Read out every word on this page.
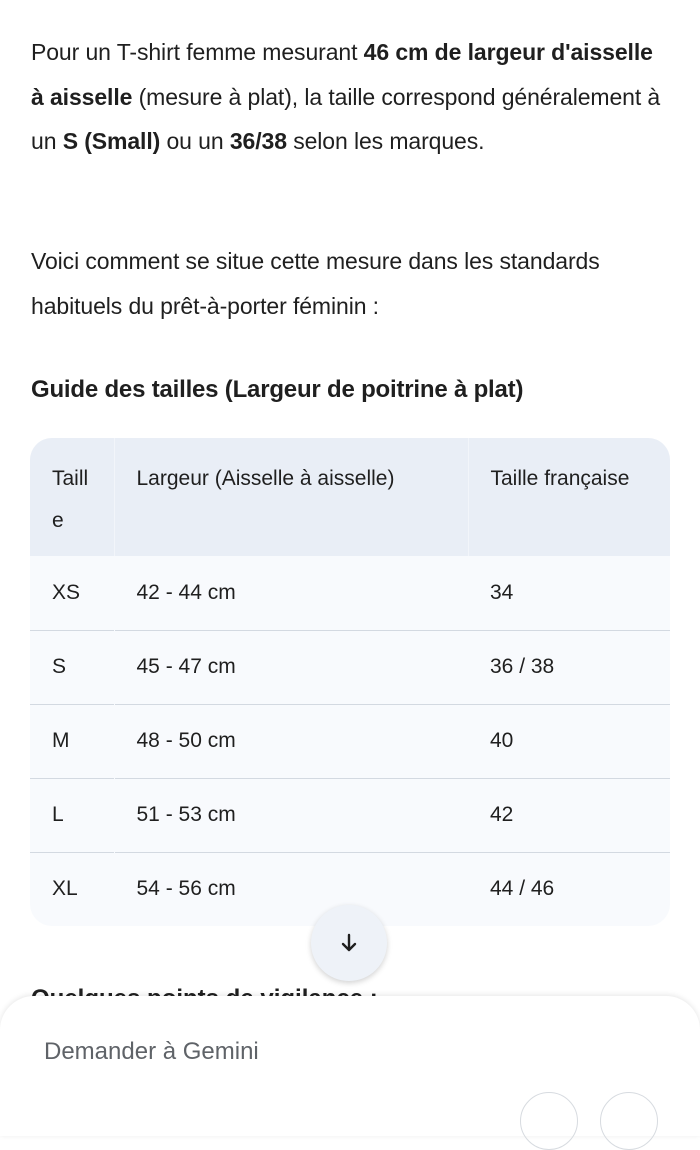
Pour un T-shirt femme mesurant 46 cm de largeur d'aisselle à aisselle (mesure à plat), la taille correspond généralement à un S (Small) ou un 36/38 selon les marques.

Voici comment se situe cette mesure dans les standards habituels du prêt-à-porter féminin :

Guide des tailles (Largeur de poitrine à plat)
Taille	Largeur (Aisselle à aisselle)	Taille française

XS	42 - 44 cm	34
S	45 - 47 cm	36 / 38
M	48 - 50 cm	40
L	51 - 53 cm	42
XL	54 - 56 cm	44 / 46
Demander à Gemini
